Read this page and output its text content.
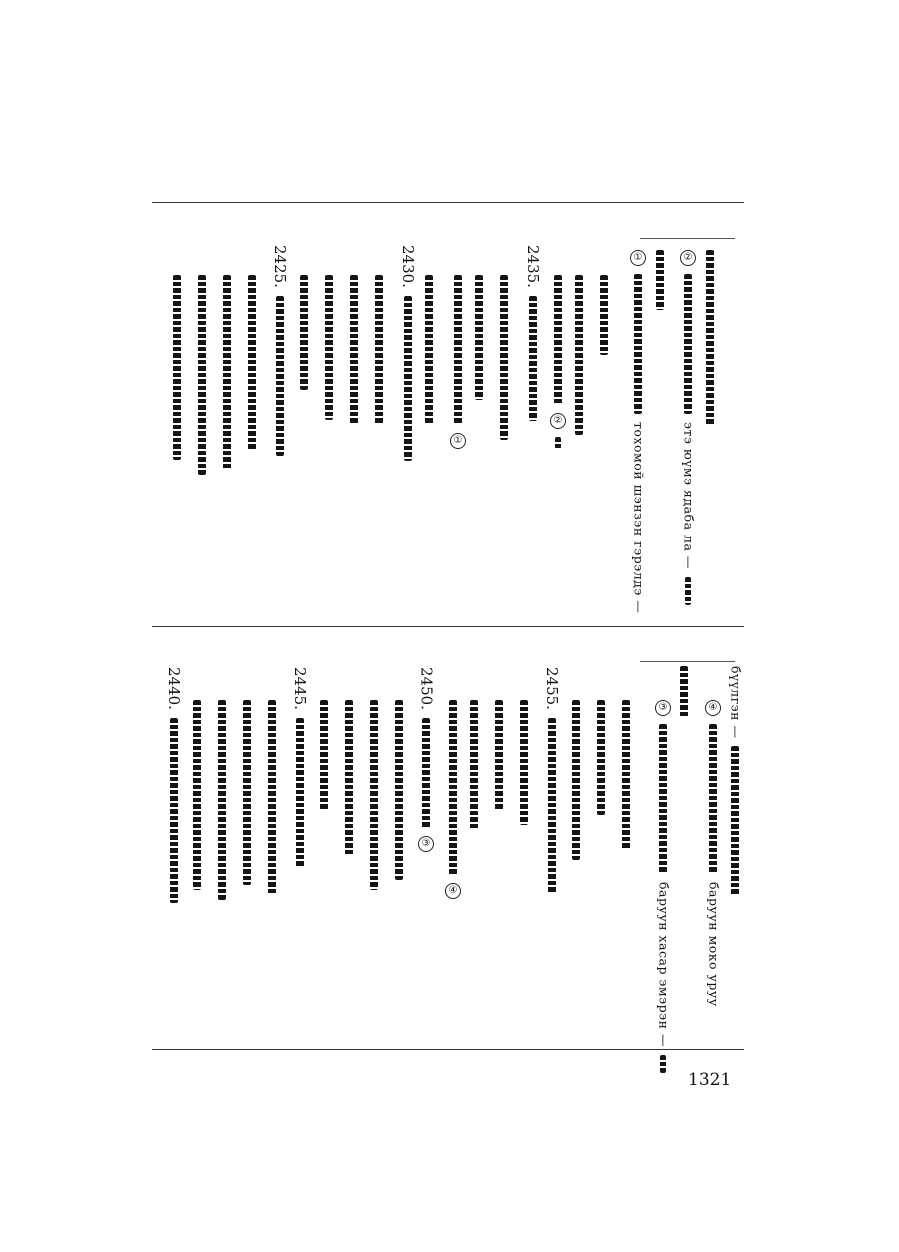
②
этэ юүмэ ядаба ла —
①
тохомой шэнзэн гэрэлдэ —
②
2435.
①
2430.
2425.
бүүлгэн —
④
баруун моко уруу
③
баруун хасар эмэрэн —
2455.
④
2450.
③
2445.
2440.
1321
